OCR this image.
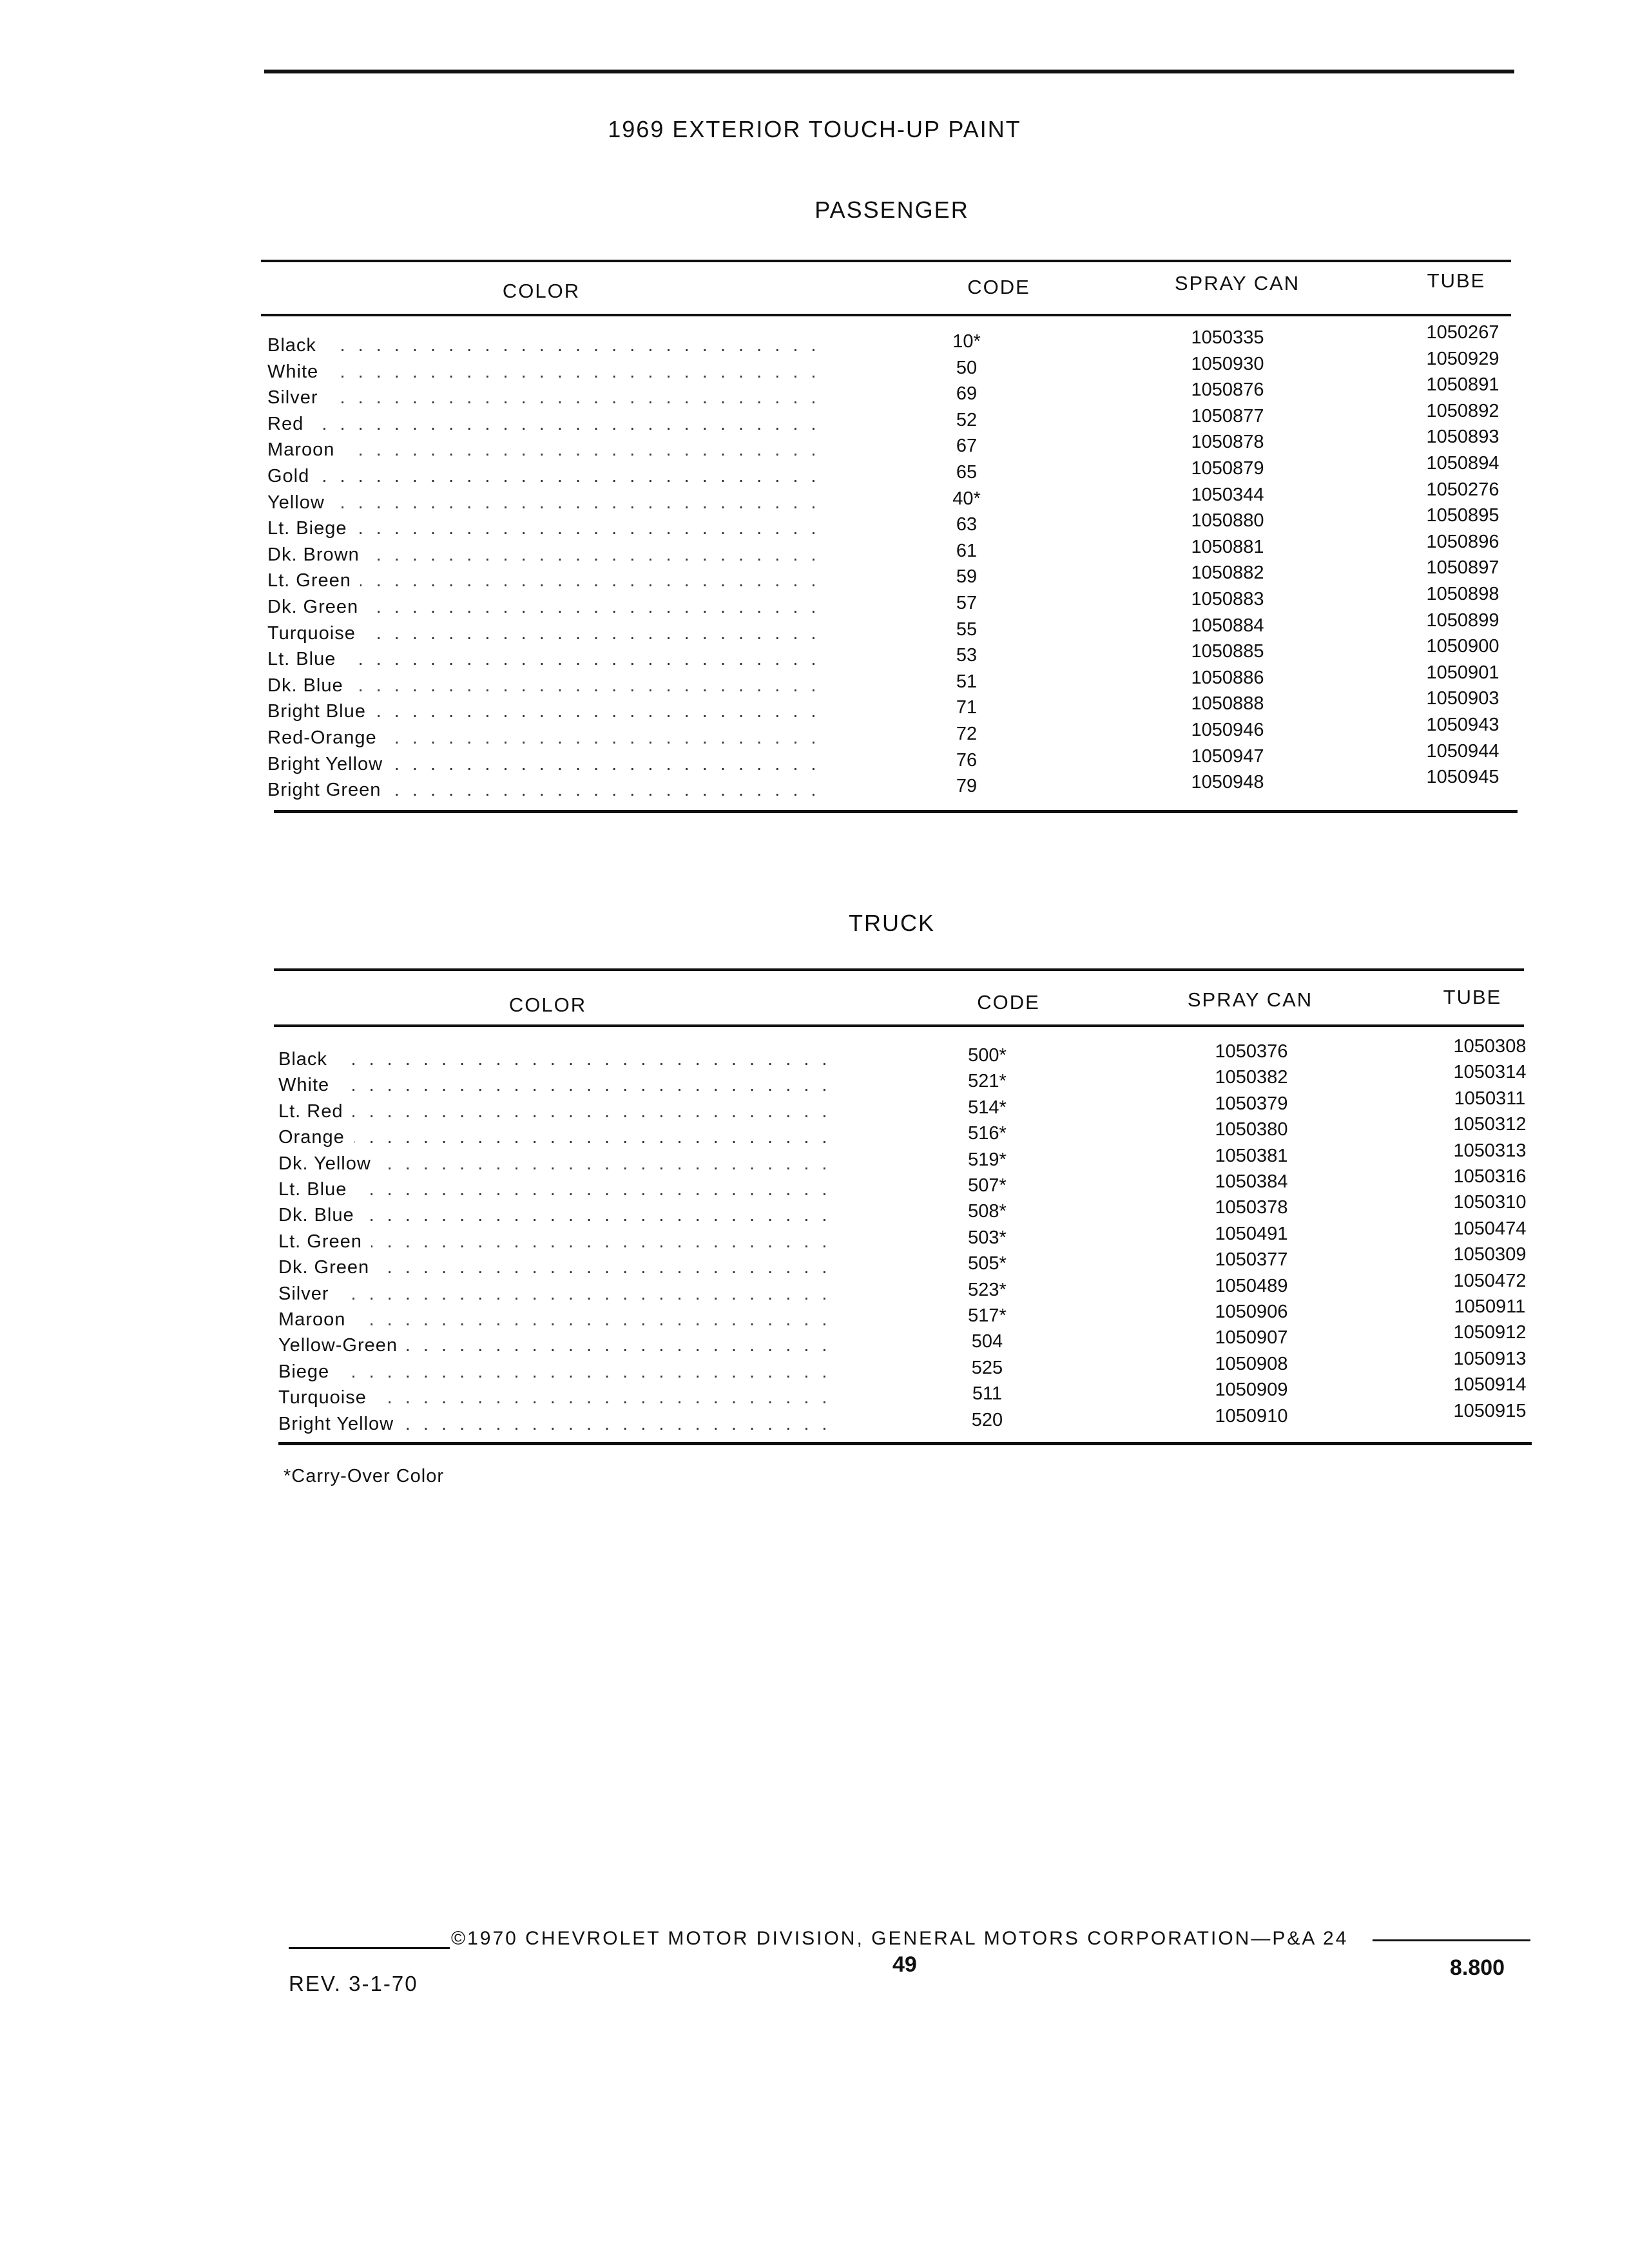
1969 EXTERIOR TOUCH-UP PAINT
PASSENGER
COLOR	CODE	SPRAY CAN	TUBE
Black . . .	10*	1050335	1050267
White . . .	50	1050930	1050929
Silver . . .	69	1050876	1050891
Red . . .	52	1050877	1050892
Maroon . . .	67	1050878	1050893
Gold . . .	65	1050879	1050894
Yellow . . .	40*	1050344	1050276
Lt. Biege . . .	63	1050880	1050895
Dk. Brown . . .	61	1050881	1050896
Lt. Green . . .	59	1050882	1050897
Dk. Green . . .	57	1050883	1050898
Turquoise . . .	55	1050884	1050899
Lt. Blue . . .	53	1050885	1050900
Dk. Blue . . .	51	1050886	1050901
Bright Blue . . .	71	1050888	1050903
Red-Orange . . .	72	1050946	1050943
Bright Yellow . . .	76	1050947	1050944
Bright Green . . .	79	1050948	1050945
TRUCK
COLOR	CODE	SPRAY CAN	TUBE
Black . . .	500*	1050376	1050308
White . . .	521*	1050382	1050314
Lt. Red . . .	514*	1050379	1050311
Orange . . .	516*	1050380	1050312
Dk. Yellow . . .	519*	1050381	1050313
Lt. Blue . . .	507*	1050384	1050316
Dk. Blue . . .	508*	1050378	1050310
Lt. Green . . .	503*	1050491	1050474
Dk. Green . . .	505*	1050377	1050309
Silver . . .	523*	1050489	1050472
Maroon . . .	517*	1050906	1050911
Yellow-Green . . .	504	1050907	1050912
Biege . . .	525	1050908	1050913
Turquoise . . .	511	1050909	1050914
Bright Yellow . . .	520	1050910	1050915
*Carry-Over Color
©1970 CHEVROLET MOTOR DIVISION, GENERAL MOTORS CORPORATION—P&A 24
49
REV. 3-1-70
8.800
